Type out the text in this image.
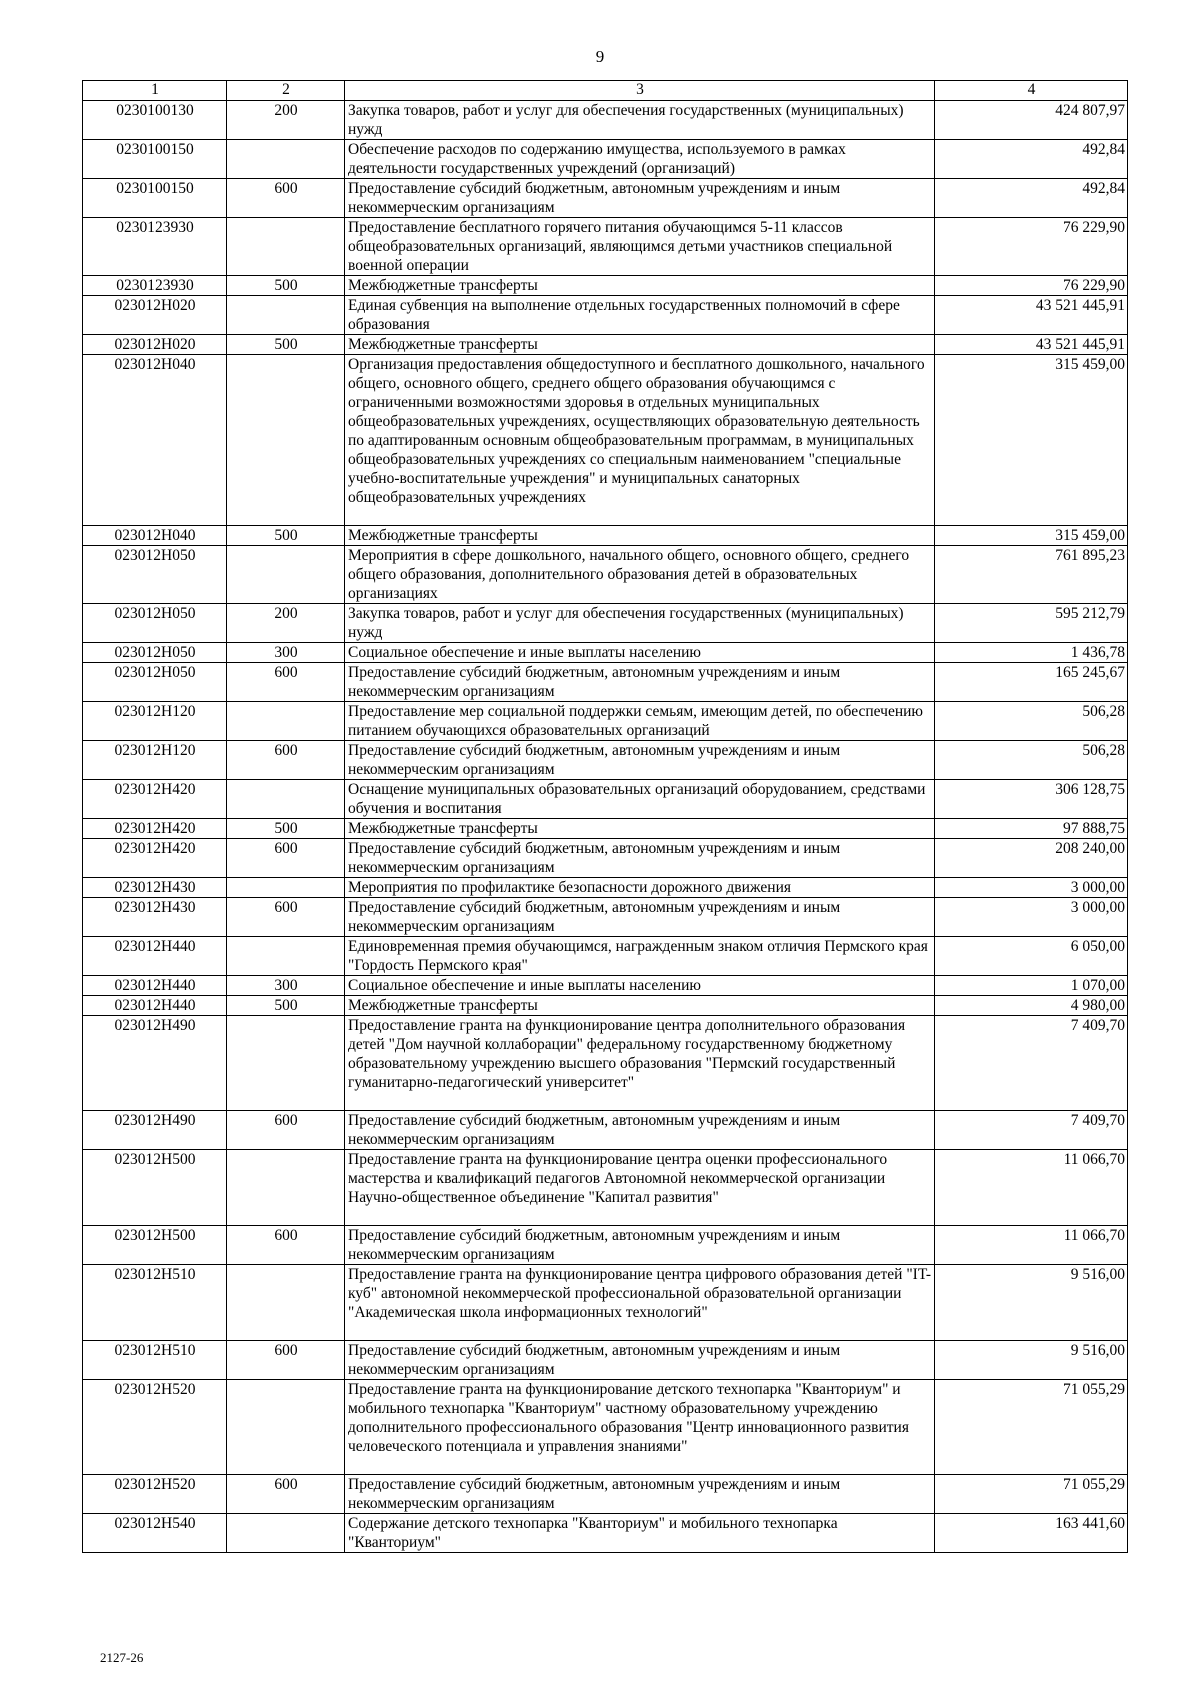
9
1	2	3	4
0230100130	200	Закупка товаров, работ и услуг для обеспечения государственных (муниципальных) нужд	424 807,97
0230100150		Обеспечение расходов по содержанию имущества, используемого в рамках деятельности государственных учреждений (организаций)	492,84
0230100150	600	Предоставление субсидий бюджетным, автономным учреждениям и иным некоммерческим организациям	492,84
0230123930		Предоставление бесплатного горячего питания обучающимся 5-11 классов общеобразовательных организаций, являющимся детьми участников специальной военной операции	76 229,90
0230123930	500	Межбюджетные трансферты	76 229,90
023012Н020		Единая субвенция на выполнение отдельных государственных полномочий в сфере образования	43 521 445,91
023012Н020	500	Межбюджетные трансферты	43 521 445,91
023012Н040		Организация предоставления общедоступного и бесплатного дошкольного, начального общего, основного общего, среднего общего образования обучающимся с ограниченными возможностями здоровья в отдельных муниципальных общеобразовательных учреждениях, осуществляющих образовательную деятельность по адаптированным основным общеобразовательным программам, в муниципальных общеобразовательных учреждениях со специальным наименованием "специальные учебно-воспитательные учреждения" и муниципальных санаторных общеобразовательных учреждениях	315 459,00
023012Н040	500	Межбюджетные трансферты	315 459,00
023012Н050		Мероприятия в сфере дошкольного, начального общего, основного общего, среднего общего образования, дополнительного образования детей в образовательных организациях	761 895,23
023012Н050	200	Закупка товаров, работ и услуг для обеспечения государственных (муниципальных) нужд	595 212,79
023012Н050	300	Социальное обеспечение и иные выплаты населению	1 436,78
023012Н050	600	Предоставление субсидий бюджетным, автономным учреждениям и иным некоммерческим организациям	165 245,67
023012Н120		Предоставление мер социальной поддержки семьям, имеющим детей, по обеспечению питанием обучающихся образовательных организаций	506,28
023012Н120	600	Предоставление субсидий бюджетным, автономным учреждениям и иным некоммерческим организациям	506,28
023012Н420		Оснащение муниципальных образовательных организаций оборудованием, средствами обучения и воспитания	306 128,75
023012Н420	500	Межбюджетные трансферты	97 888,75
023012Н420	600	Предоставление субсидий бюджетным, автономным учреждениям и иным некоммерческим организациям	208 240,00
023012Н430		Мероприятия по профилактике безопасности дорожного движения	3 000,00
023012Н430	600	Предоставление субсидий бюджетным, автономным учреждениям и иным некоммерческим организациям	3 000,00
023012Н440		Единовременная премия обучающимся, награжденным знаком отличия Пермского края "Гордость Пермского края"	6 050,00
023012Н440	300	Социальное обеспечение и иные выплаты населению	1 070,00
023012Н440	500	Межбюджетные трансферты	4 980,00
023012Н490		Предоставление гранта на функционирование центра дополнительного образования детей "Дом научной коллаборации" федеральному государственному бюджетному образовательному учреждению высшего образования "Пермский государственный гуманитарно-педагогический университет"	7 409,70
023012Н490	600	Предоставление субсидий бюджетным, автономным учреждениям и иным некоммерческим организациям	7 409,70
023012Н500		Предоставление гранта на функционирование центра оценки профессионального мастерства и квалификаций педагогов Автономной некоммерческой организации Научно-общественное объединение "Капитал развития"	11 066,70
023012Н500	600	Предоставление субсидий бюджетным, автономным учреждениям и иным некоммерческим организациям	11 066,70
023012Н510		Предоставление гранта на функционирование центра цифрового образования детей "IT-куб" автономной некоммерческой профессиональной образовательной организации "Академическая школа информационных технологий"	9 516,00
023012Н510	600	Предоставление субсидий бюджетным, автономным учреждениям и иным некоммерческим организациям	9 516,00
023012Н520		Предоставление гранта на функционирование детского технопарка "Кванториум" и мобильного технопарка "Кванториум" частному образовательному учреждению дополнительного профессионального образования "Центр инновационного развития человеческого потенциала и управления знаниями"	71 055,29
023012Н520	600	Предоставление субсидий бюджетным, автономным учреждениям и иным некоммерческим организациям	71 055,29
023012Н540		Содержание детского технопарка "Кванториум" и мобильного технопарка "Кванториум"	163 441,60
2127-26
